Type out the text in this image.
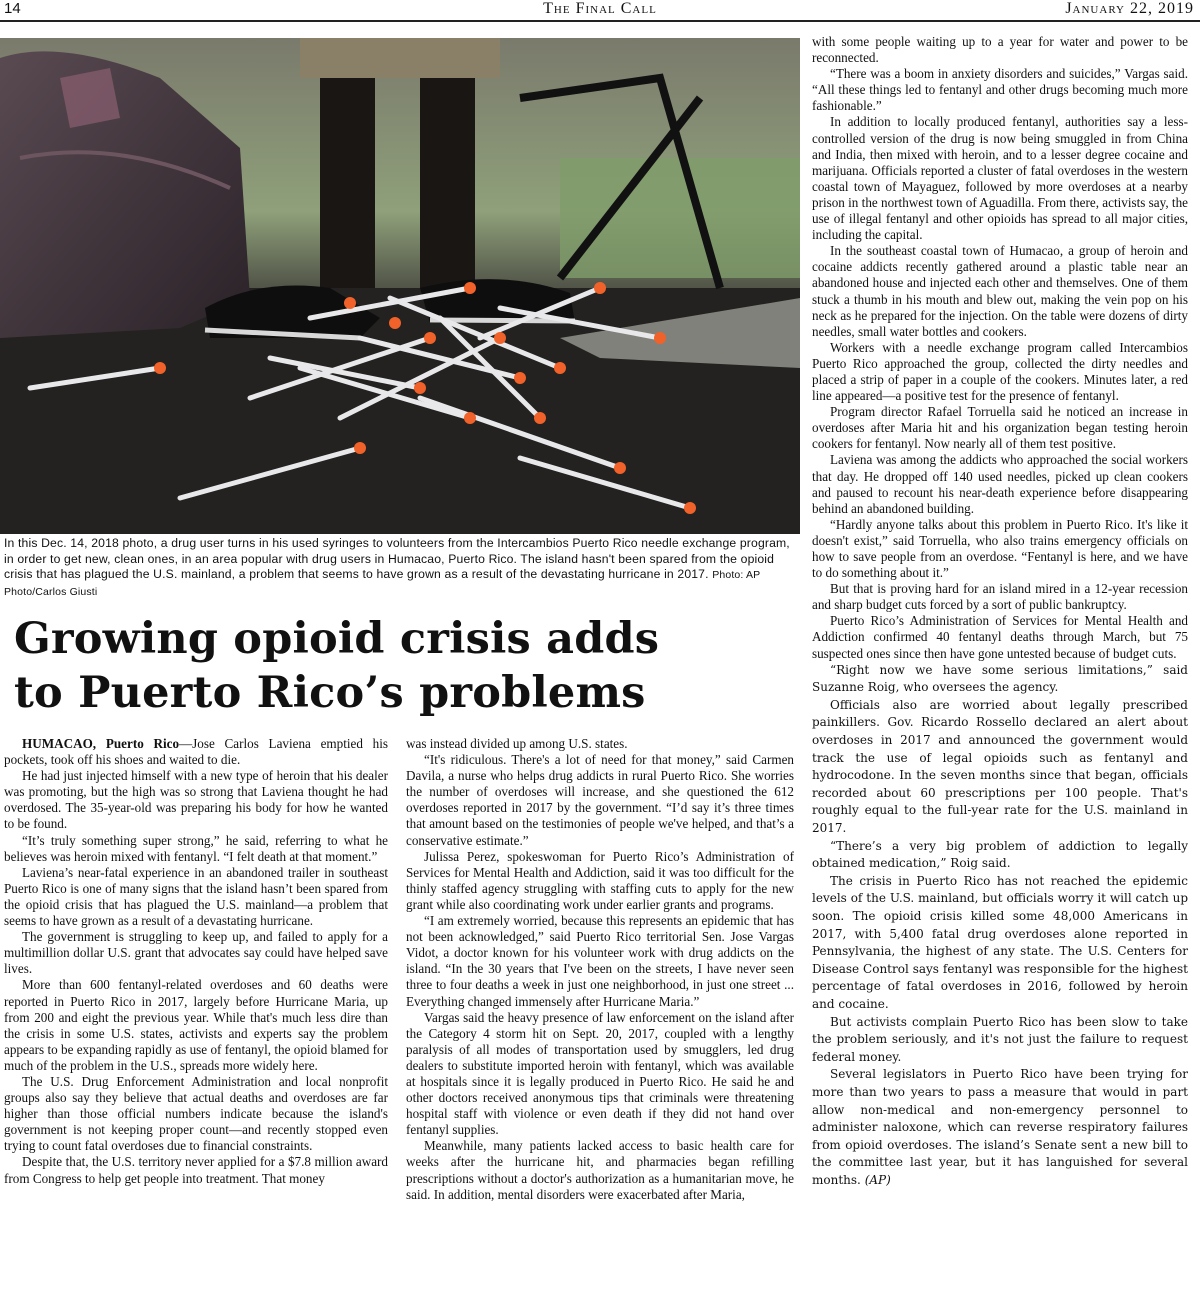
14	The Final Call	January 22, 2019
In this Dec. 14, 2018 photo, a drug user turns in his used syringes to volunteers from the Intercambios Puerto Rico needle exchange program, in order to get new, clean ones, in an area popular with drug users in Humacao, Puerto Rico. The island hasn't been spared from the opioid crisis that has plagued the U.S. mainland, a problem that seems to have grown as a result of the devastating hurricane in 2017. Photo: AP Photo/Carlos Giusti
Growing opioid crisis adds
to Puerto Rico’s problems

HUMACAO, Puerto Rico—Jose Carlos Laviena emptied his pockets, took off his shoes and waited to die.

He had just injected himself with a new type of heroin that his dealer was promoting, but the high was so strong that Laviena thought he had overdosed. The 35-year-old was preparing his body for how he wanted to be found.

“It’s truly something super strong,” he said, referring to what he believes was heroin mixed with fentanyl. “I felt death at that moment.”

Laviena’s near-fatal experience in an abandoned trailer in southeast Puerto Rico is one of many signs that the island hasn’t been spared from the opioid crisis that has plagued the U.S. mainland—a problem that seems to have grown as a result of a devastating hurricane.

The government is struggling to keep up, and failed to apply for a multimillion dollar U.S. grant that advocates say could have helped save lives.

More than 600 fentanyl-related overdoses and 60 deaths were reported in Puerto Rico in 2017, largely before Hurricane Maria, up from 200 and eight the previous year. While that's much less dire than the crisis in some U.S. states, activists and experts say the problem appears to be expanding rapidly as use of fentanyl, the opioid blamed for much of the problem in the U.S., spreads more widely here.

The U.S. Drug Enforcement Administration and local nonprofit groups also say they believe that actual deaths and overdoses are far higher than those official numbers indicate because the island's government is not keeping proper count—and recently stopped even trying to count fatal overdoses due to financial constraints.

Despite that, the U.S. territory never applied for a $7.8 million award from Congress to help get people into treatment. That money

was instead divided up among U.S. states.

“It's ridiculous. There's a lot of need for that money,” said Carmen Davila, a nurse who helps drug addicts in rural Puerto Rico. She worries the number of overdoses will increase, and she questioned the 612 overdoses reported in 2017 by the government. “I’d say it’s three times that amount based on the testimonies of people we've helped, and that’s a conservative estimate.”

Julissa Perez, spokeswoman for Puerto Rico’s Administration of Services for Mental Health and Addiction, said it was too difficult for the thinly staffed agency struggling with staffing cuts to apply for the new grant while also coordinating work under earlier grants and programs.

“I am extremely worried, because this represents an epidemic that has not been acknowledged,” said Puerto Rico territorial Sen. Jose Vargas Vidot, a doctor known for his volunteer work with drug addicts on the island. “In the 30 years that I've been on the streets, I have never seen three to four deaths a week in just one neighborhood, in just one street ... Everything changed immensely after Hurricane Maria.”

Vargas said the heavy presence of law enforcement on the island after the Category 4 storm hit on Sept. 20, 2017, coupled with a lengthy paralysis of all modes of transportation used by smugglers, led drug dealers to substitute imported heroin with fentanyl, which was available at hospitals since it is legally produced in Puerto Rico. He said he and other doctors received anonymous tips that criminals were threatening hospital staff with violence or even death if they did not hand over fentanyl supplies.

Meanwhile, many patients lacked access to basic health care for weeks after the hurricane hit, and pharmacies began refilling prescriptions without a doctor's authorization as a humanitarian move, he said. In addition, mental disorders were exacerbated after Maria,

with some people waiting up to a year for water and power to be reconnected.

“There was a boom in anxiety disorders and suicides,” Vargas said. “All these things led to fentanyl and other drugs becoming much more fashionable.”

In addition to locally produced fentanyl, authorities say a less-controlled version of the drug is now being smuggled in from China and India, then mixed with heroin, and to a lesser degree cocaine and marijuana. Officials reported a cluster of fatal overdoses in the western coastal town of Mayaguez, followed by more overdoses at a nearby prison in the northwest town of Aguadilla. From there, activists say, the use of illegal fentanyl and other opioids has spread to all major cities, including the capital.

In the southeast coastal town of Humacao, a group of heroin and cocaine addicts recently gathered around a plastic table near an abandoned house and injected each other and themselves. One of them stuck a thumb in his mouth and blew out, making the vein pop on his neck as he prepared for the injection. On the table were dozens of dirty needles, small water bottles and cookers.

Workers with a needle exchange program called Intercambios Puerto Rico approached the group, collected the dirty needles and placed a strip of paper in a couple of the cookers. Minutes later, a red line appeared—a positive test for the presence of fentanyl.

Program director Rafael Torruella said he noticed an increase in overdoses after Maria hit and his organization began testing heroin cookers for fentanyl. Now nearly all of them test positive.

Laviena was among the addicts who approached the social workers that day. He dropped off 140 used needles, picked up clean cookers and paused to recount his near-death experience before disappearing behind an abandoned building.

“Hardly anyone talks about this problem in Puerto Rico. It's like it doesn't exist,” said Torruella, who also trains emergency officials on how to save people from an overdose. “Fentanyl is here, and we have to do something about it.”

But that is proving hard for an island mired in a 12-year recession and sharp budget cuts forced by a sort of public bankruptcy.

Puerto Rico’s Administration of Services for Mental Health and Addiction confirmed 40 fentanyl deaths through March, but 75 suspected ones since then have gone untested because of budget cuts.

“Right now we have some serious limitations,” said Suzanne Roig, who oversees the agency.

Officials also are worried about legally prescribed painkillers. Gov. Ricardo Rossello declared an alert about overdoses in 2017 and announced the government would track the use of legal opioids such as fentanyl and hydrocodone. In the seven months since that began, officials recorded about 60 prescriptions per 100 people. That's roughly equal to the full-year rate for the U.S. mainland in 2017.

“There’s a very big problem of addiction to legally obtained medication,” Roig said.

The crisis in Puerto Rico has not reached the epidemic levels of the U.S. mainland, but officials worry it will catch up soon. The opioid crisis killed some 48,000 Americans in 2017, with 5,400 fatal drug overdoses alone reported in Pennsylvania, the highest of any state. The U.S. Centers for Disease Control says fentanyl was responsible for the highest percentage of fatal overdoses in 2016, followed by heroin and cocaine.

But activists complain Puerto Rico has been slow to take the problem seriously, and it's not just the failure to request federal money.

Several legislators in Puerto Rico have been trying for more than two years to pass a measure that would in part allow non-medical and non-emergency personnel to administer naloxone, which can reverse respiratory failures from opioid overdoses. The island’s Senate sent a new bill to the committee last year, but it has languished for several months. (AP)
